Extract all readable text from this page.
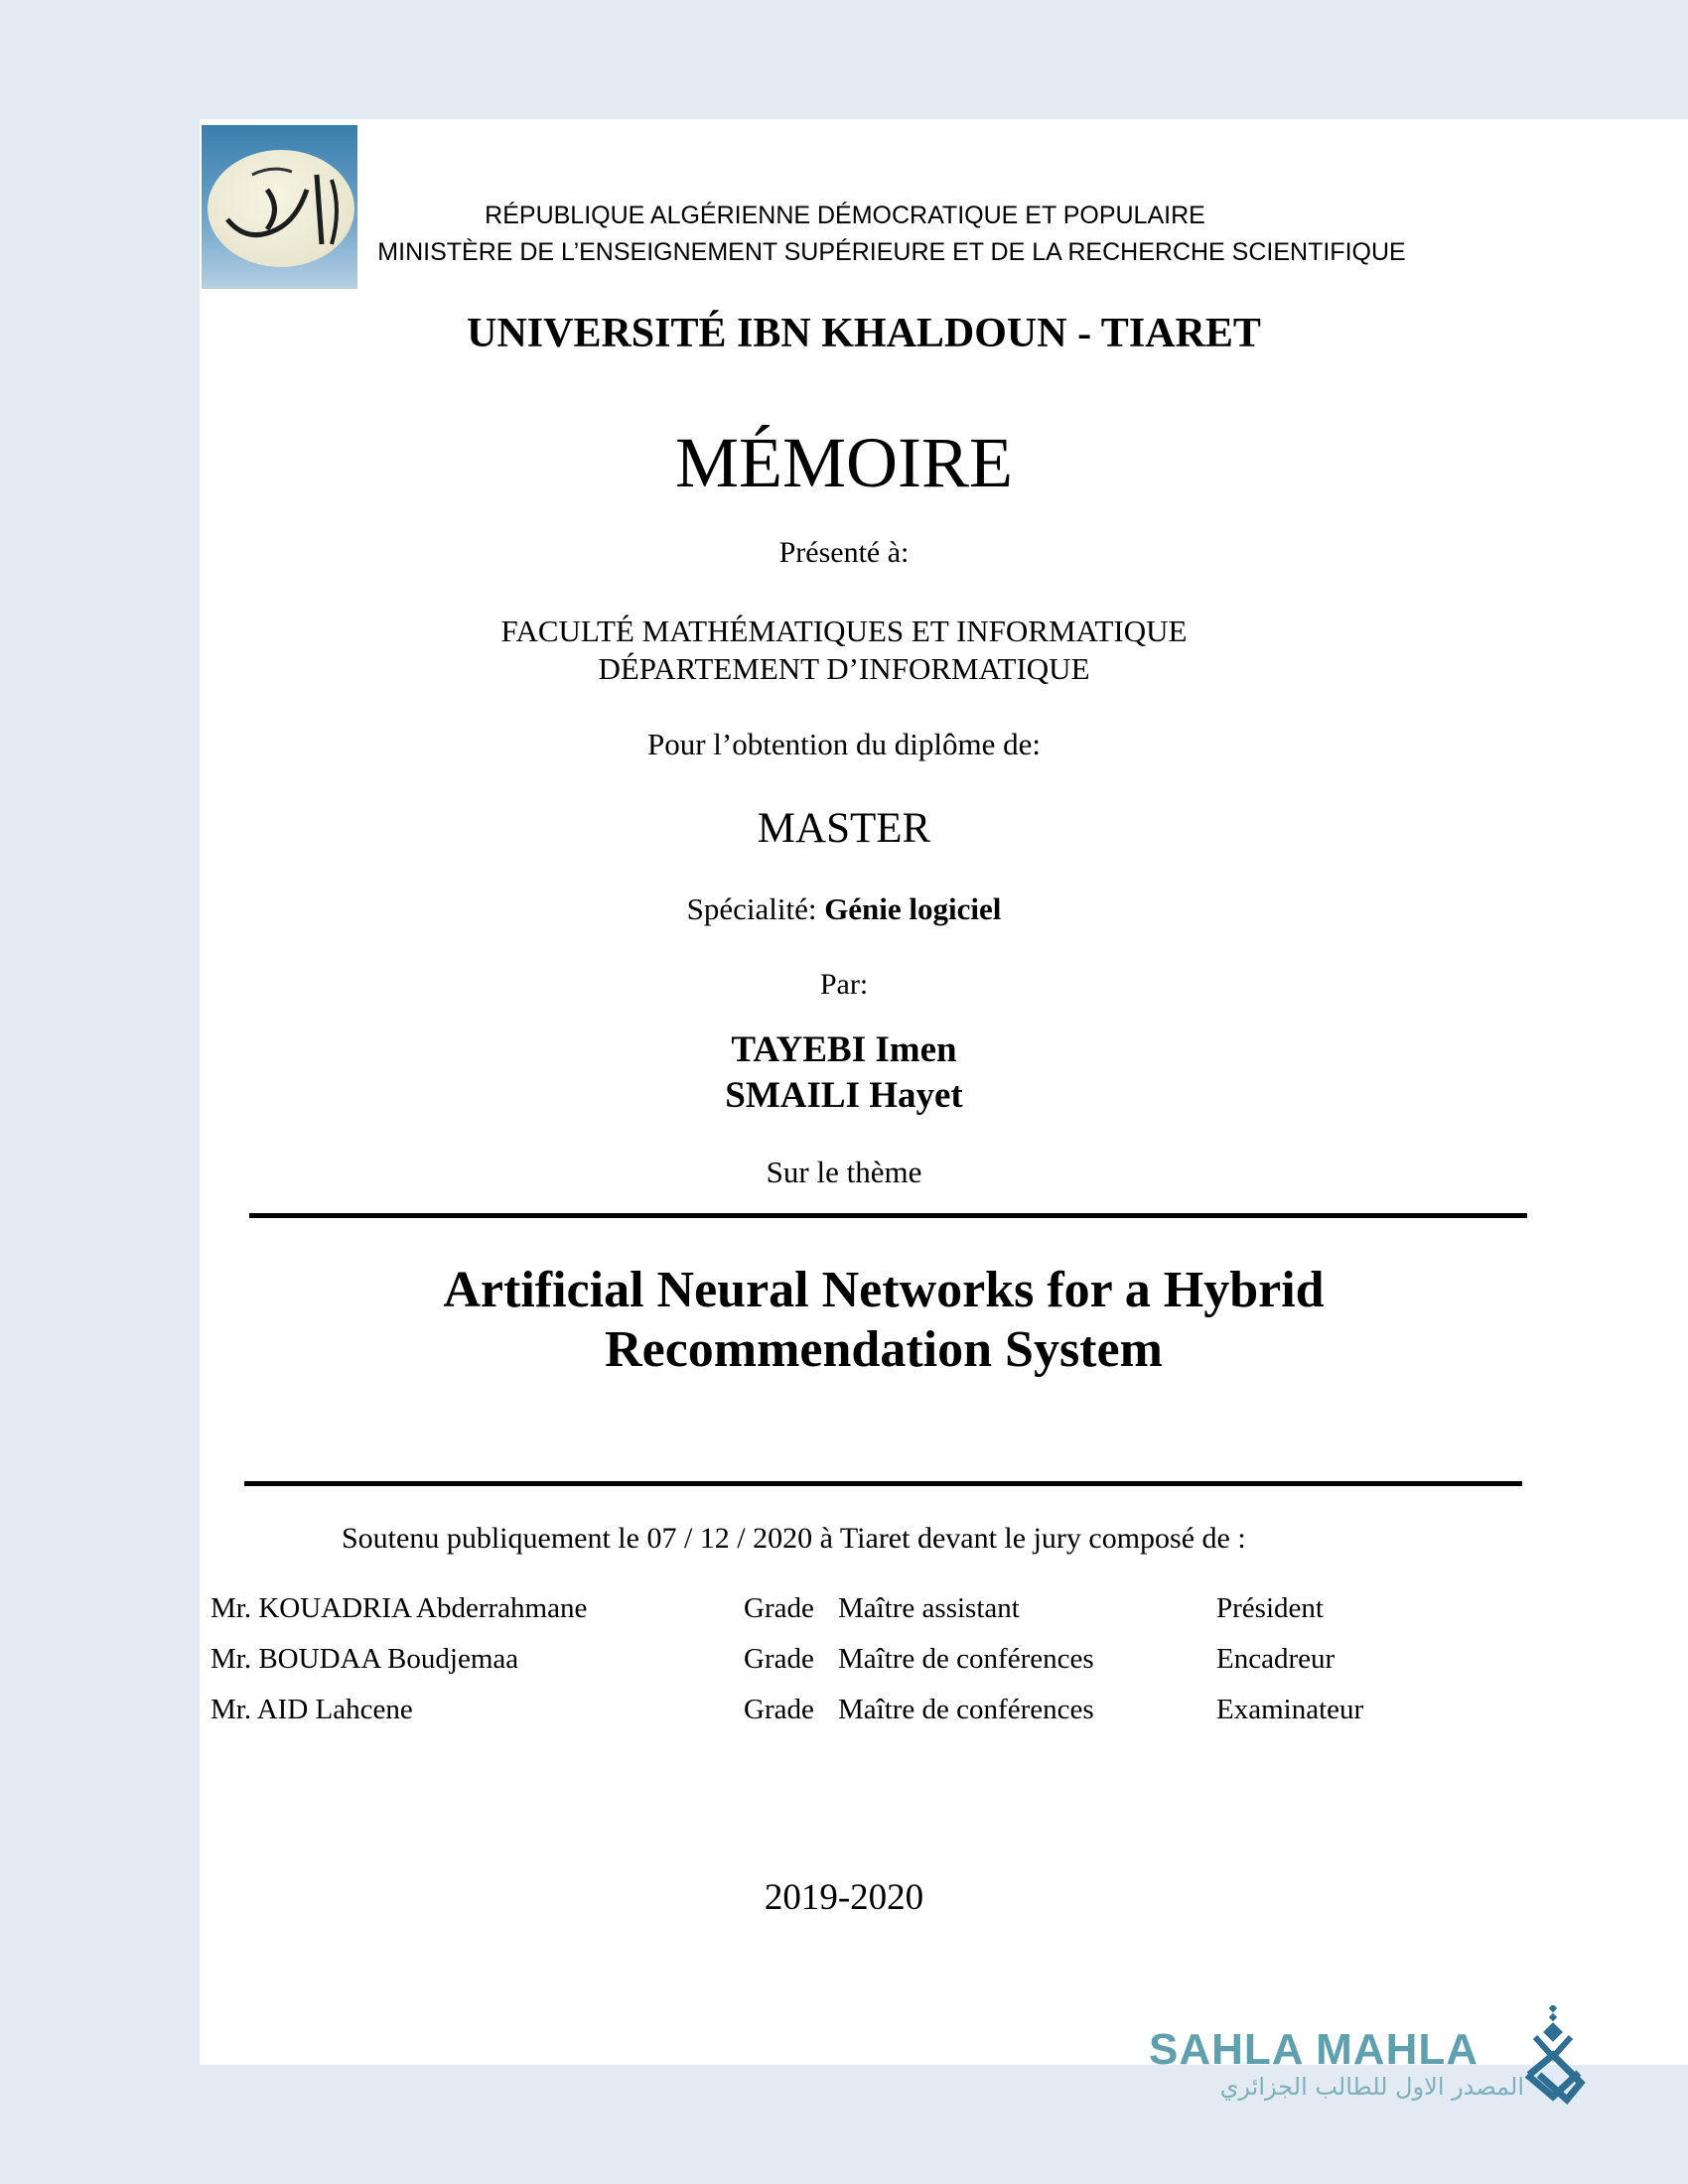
RÉPUBLIQUE ALGÉRIENNE DÉMOCRATIQUE ET POPULAIRE
MINISTÈRE DE L’ENSEIGNEMENT SUPÉRIEURE ET DE LA RECHERCHE SCIENTIFIQUE
UNIVERSITÉ IBN KHALDOUN - TIARET
MÉMOIRE
Présenté à:
FACULTÉ MATHÉMATIQUES ET INFORMATIQUE
DÉPARTEMENT D’INFORMATIQUE
Pour l’obtention du diplôme de:
MASTER
Spécialité: Génie logiciel
Par:
TAYEBI Imen
SMAILI Hayet
Sur le thème
Artificial Neural Networks for a Hybrid
Recommendation System
Soutenu publiquement le 07 / 12 / 2020 à Tiaret devant le jury composé de :
Mr. KOUADRIA Abderrahmane	Grade Maître assistant	Président
Mr. BOUDAA Boudjemaa	Grade Maître de conférences	Encadreur
Mr. AID Lahcene	Grade Maître de conférences	Examinateur
2019-2020
SAHLA MAHLA
المصدر الاول للطالب الجزائري
